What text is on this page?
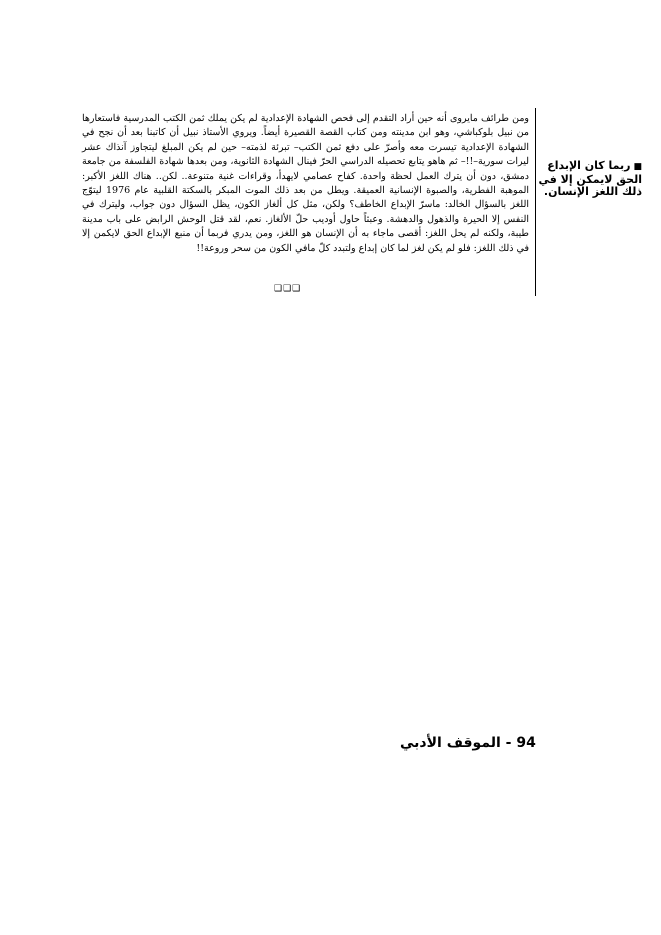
ومن طرائف مايروى أنه حين أراد التقدم إلى فحص الشهادة الإعدادية لم يكن يملك ثمن الكتب المدرسية فاستعارها من نبيل بلوكباشي، وهو ابن مدينته ومن كتاب القصة القصيرة أيضاً. ويروي الأستاذ نبيل أن كاتبنا بعد أن نجح في الشهادة الإعدادية تيسرت معه وأصرّ على دفع ثمن الكتب– تبرئة لذمته– حين لم يكن المبلغ ليتجاوز آنذاك عشر ليرات سورية–!!– ثم هاهو يتابع تحصيله الدراسي الحرّ فينال الشهادة الثانوية، ومن بعدها شهادة الفلسفة من جامعة دمشق، دون أن يترك العمل لحظة واحدة. كفاح عصامي لايهدأ، وقراءات غنية متنوعة.. لكن.. هناك اللغز الأكبر: الموهبة الفطرية، والصبوة الإنسانية العميقة. ويطل من بعد ذلك الموت المبكر بالسكتة القلبية عام 1976 ليتوّج اللغز بالسؤال الخالد: ماسرّ الإبداع الخاطف؟ ولكن، مثل كل ألغاز الكون، يظل السؤال دون جواب، وليترك في النفس إلا الحيرة والذهول والدهشة. وعبثاً حاول أوديب حلّ الألغاز. نعم، لقد قتل الوحش الرابض على باب مدينة طيبة، ولكنه لم يحل اللغز: أقصى ماجاء به أن الإنسان هو اللغز، ومن يدري فربما أن منبع الإبداع الحق لايكمن إلا في ذلك اللغز: فلو لم يكن لغز لما كان إبداع ولتبدد كلّ مافي الكون من سحر وروعة!!

■ربما كان الإبداع الحق لايمكن إلا في ذلك اللغز الإنسان.
❑❑❑
94 - الموقف الأدبي
